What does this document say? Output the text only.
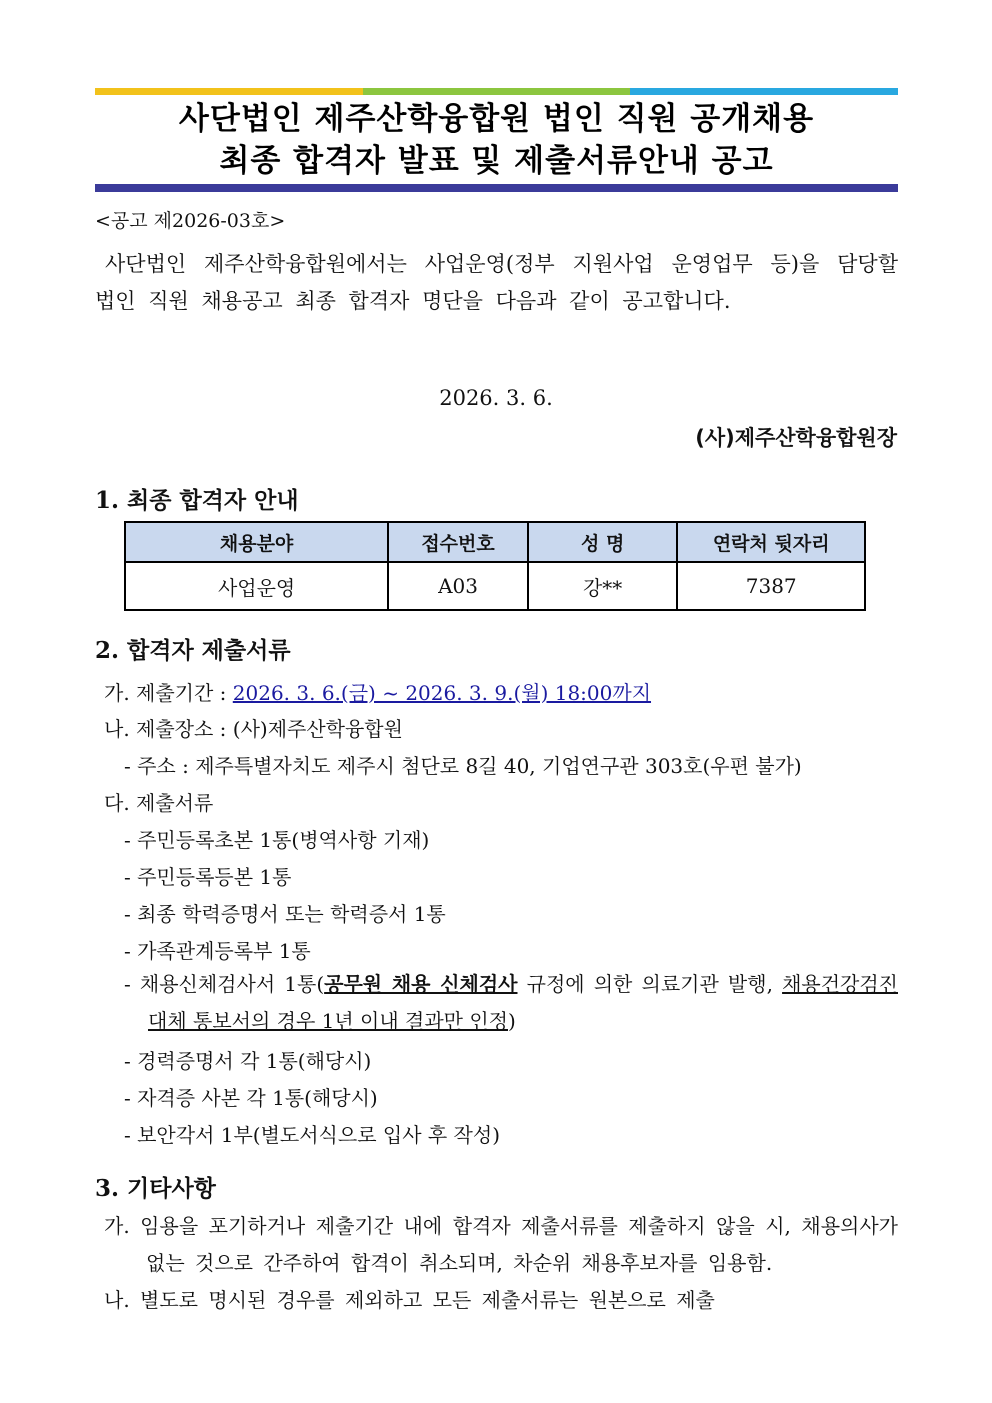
사단법인 제주산학융합원 법인 직원 공개채용
최종 합격자 발표 및 제출서류안내 공고
<공고 제2026-03호>
사단법인 제주산학융합원에서는 사업운영(정부 지원사업 운영업무 등)을 담당할 법인 직원 채용공고 최종 합격자 명단을 다음과 같이 공고합니다.
2026. 3. 6.
(사)제주산학융합원장
1. 최종 합격자 안내
채용분야	접수번호	성 명	연락처 뒷자리
사업운영	A03	강**	7387
2. 합격자 제출서류
가. 제출기간 : 2026. 3. 6.(금) ~ 2026. 3. 9.(월) 18:00까지
나. 제출장소 : (사)제주산학융합원
- 주소 : 제주특별자치도 제주시 첨단로 8길 40, 기업연구관 303호(우편 불가)
다. 제출서류
- 주민등록초본 1통(병역사항 기재)
- 주민등록등본 1통
- 최종 학력증명서 또는 학력증서 1통
- 가족관계등록부 1통
- 채용신체검사서 1통(공무원 채용 신체검사 규정에 의한 의료기관 발행, 채용건강검진 대체 통보서의 경우 1년 이내 결과만 인정)
- 경력증명서 각 1통(해당시)
- 자격증 사본 각 1통(해당시)
- 보안각서 1부(별도서식으로 입사 후 작성)
3. 기타사항
가. 임용을 포기하거나 제출기간 내에 합격자 제출서류를 제출하지 않을 시, 채용의사가 없는 것으로 간주하여 합격이 취소되며, 차순위 채용후보자를 임용함.
나. 별도로 명시된 경우를 제외하고 모든 제출서류는 원본으로 제출
